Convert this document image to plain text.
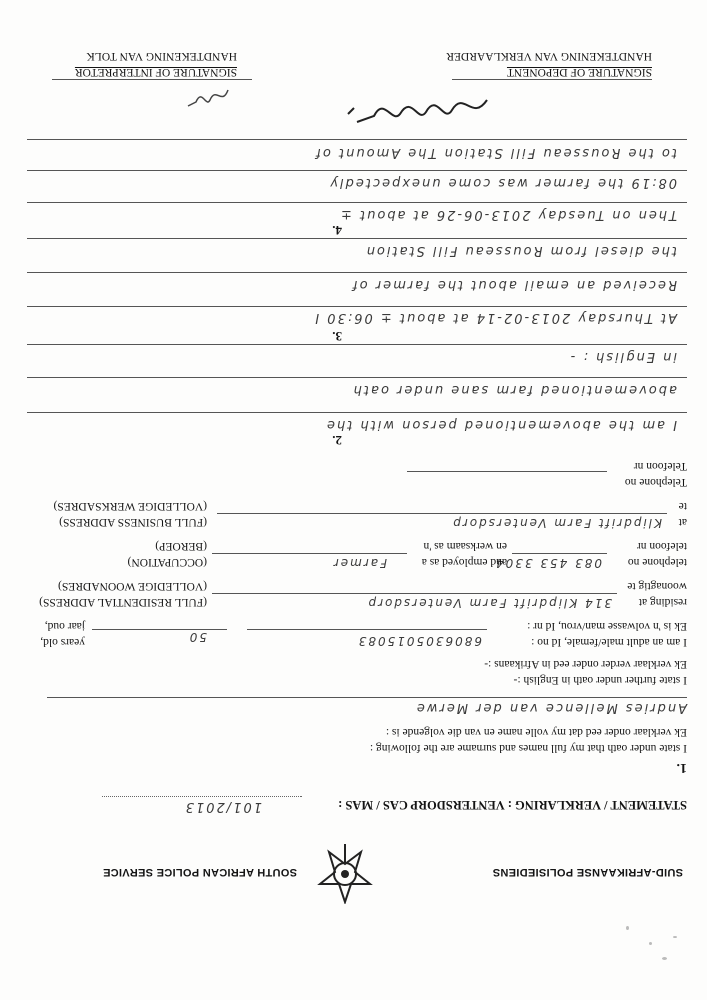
SUID-AFRIKAANSE POLISIEDIENS
SOUTH AFRICAN POLICE SERVICE
STATEMENT / VERKLARING : VENTERSDORP CAS / MAS :
101/2013
1.
I state under oath that my full names and surname are the following :
Ek verklaar onder eed dat my volle name en van die volgende is :
Andries Mellence van der Merwe
I state further under oath in English :-
Ek verklaar verder onder eed in Afrikaans :-
I am an adult male/female, Id no :
Ek is 'n volwasse man/vrou, Id nr :
6806305015083
50
years old,
jaar oud,
residing at
woonagtig te
314 Klipdrift Farm Ventersdorp
(FULL RESIDENTIAL ADDRESS)
(VOLLEDIGE WOONADRES)
telephone no
telefoon nr
083 453 3304
and employed as a
en werksaam as 'n
Farmer
(OCCUPATION)
(BEROEP)
at
te
Klipdrift Farm Ventersdorp
(FULL BUSINESS ADDRESS)
(VOLLEDIGE WERKSADRES)
Telephone no
Telefoon nr
2.
I am the abovementioned person with the
abovementioned farm sane under oath
in English : -
3.
At Thursday 2013-02-14 at about ± 06:30 I
Received an email about the farmer of
the diesel from Rousseau Fill Station
4.
Then on Tuesday 2013-06-26 at about ±
08:19 the farmer was come unexpectedly
to the Rousseau Fill Station The Amount of
SIGNATURE OF DEPONENT
HANDTEKENING VAN VERKLAARDER
SIGNATURE OF INTERPRETOR
HANDTEKENING VAN TOLK
